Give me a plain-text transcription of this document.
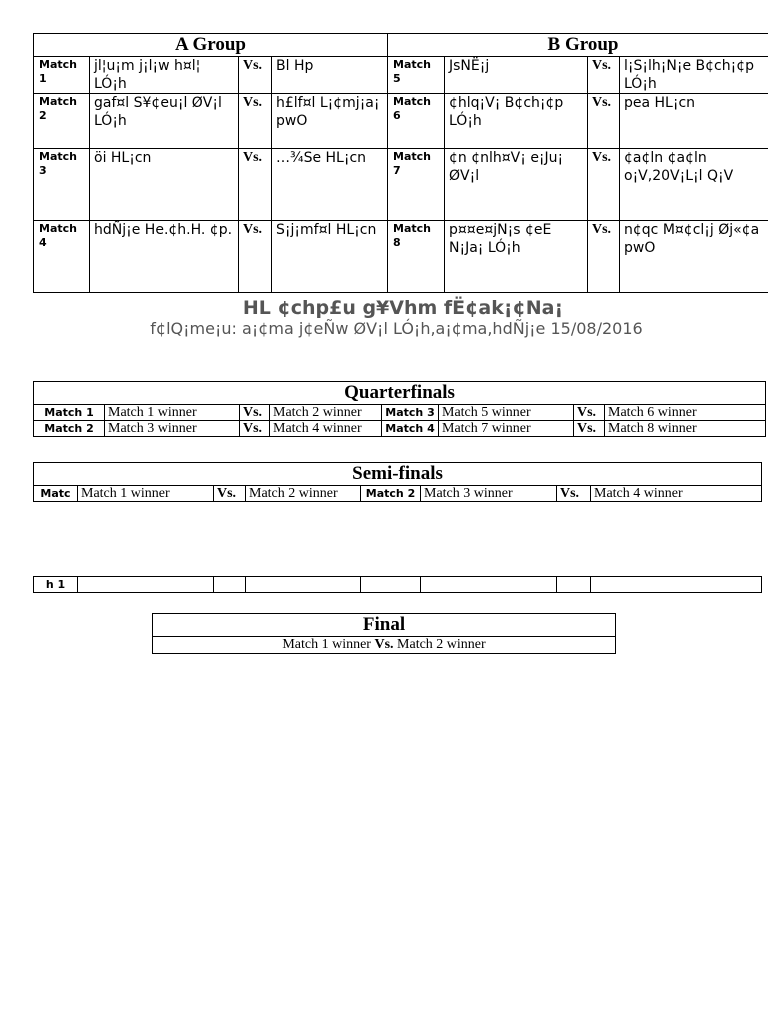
A Group				B Group			
Match 1	jl¦u¡m j¡l¡w h¤l¦ LÓ¡h	Vs.	Bl Hp	Match 5	JsNË¡j	Vs.	l¡S¡lh¡N¡e B¢ch¡¢p LÓ¡h
Match 2	gaf¤l S¥¢eu¡l ØV¡l LÓ¡h	Vs.	h£lf¤l L¡¢mj¡a¡ pwO	Match 6	¢hlq¡V¡ B¢ch¡¢p LÓ¡h	Vs.	pea HL¡cn
Match 3	öi HL¡cn	Vs.	…¾Se HL¡cn	Match 7	¢n ¢nlh¤V¡ e¡Ju¡ ØV¡l	Vs.	¢a¢ln ¢a¢ln o¡V,20V¡L¡l Q¡V
Match 4	hdÑj¡e He.¢h.H. ¢p.	Vs.	S¡j¡mf¤l HL¡cn	Match 8	p¤¤e¤jN¡s ¢eE N¡Ja¡ LÓ¡h	Vs.	n¢qc M¤¢cl¡j Øj«¢a pwO
HL ¢chp£u g¥Vhm fË¢ak¡¢Na¡
f¢lQ¡me¡u: a¡¢ma j¢eÑw ØV¡l LÓ¡h,a¡¢ma,hdÑj¡e 15/08/2016
Quarterfinals							
Match 1	Match 1 winner	Vs.	Match 2 winner	Match 3	Match 5 winner	Vs.	Match 6 winner
Match 2	Match 3 winner	Vs.	Match 4 winner	Match 4	Match 7 winner	Vs.	Match 8 winner
Semi-finals
Matc	Match 1 winner	Vs.	Match 2 winner	Match 2	Match 3 winner	Vs.	Match 4 winner
h 1							
Final
Match 1 winner Vs. Match 2 winner
